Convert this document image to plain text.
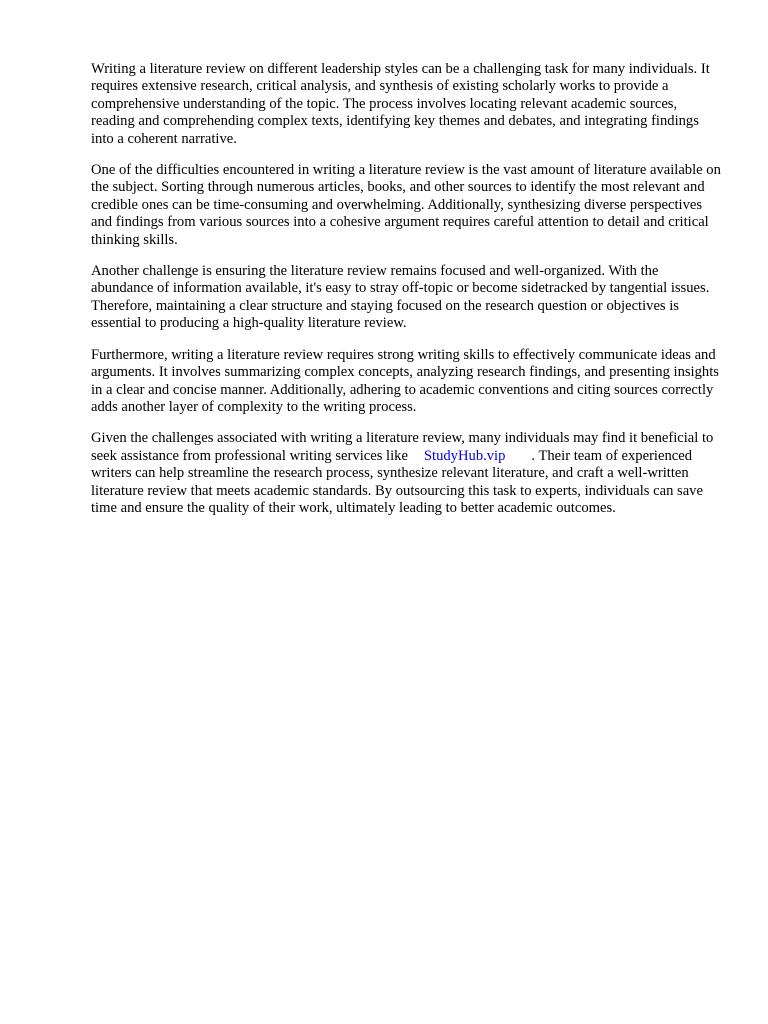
Writing a literature review on different leadership styles can be a challenging task for many individuals. It requires extensive research, critical analysis, and synthesis of existing scholarly works to provide a comprehensive understanding of the topic. The process involves locating relevant academic sources, reading and comprehending complex texts, identifying key themes and debates, and integrating findings into a coherent narrative.

One of the difficulties encountered in writing a literature review is the vast amount of literature available on the subject. Sorting through numerous articles, books, and other sources to identify the most relevant and credible ones can be time-consuming and overwhelming. Additionally, synthesizing diverse perspectives and findings from various sources into a cohesive argument requires careful attention to detail and critical thinking skills.

Another challenge is ensuring the literature review remains focused and well-organized. With the abundance of information available, it's easy to stray off-topic or become sidetracked by tangential issues. Therefore, maintaining a clear structure and staying focused on the research question or objectives is essential to producing a high-quality literature review.

Furthermore, writing a literature review requires strong writing skills to effectively communicate ideas and arguments. It involves summarizing complex concepts, analyzing research findings, and presenting insights in a clear and concise manner. Additionally, adhering to academic conventions and citing sources correctly adds another layer of complexity to the writing process.

Given the challenges associated with writing a literature review, many individuals may find it beneficial to seek assistance from professional writing services like StudyHub.vip . Their team of experienced writers can help streamline the research process, synthesize relevant literature, and craft a well-written literature review that meets academic standards. By outsourcing this task to experts, individuals can save time and ensure the quality of their work, ultimately leading to better academic outcomes.
